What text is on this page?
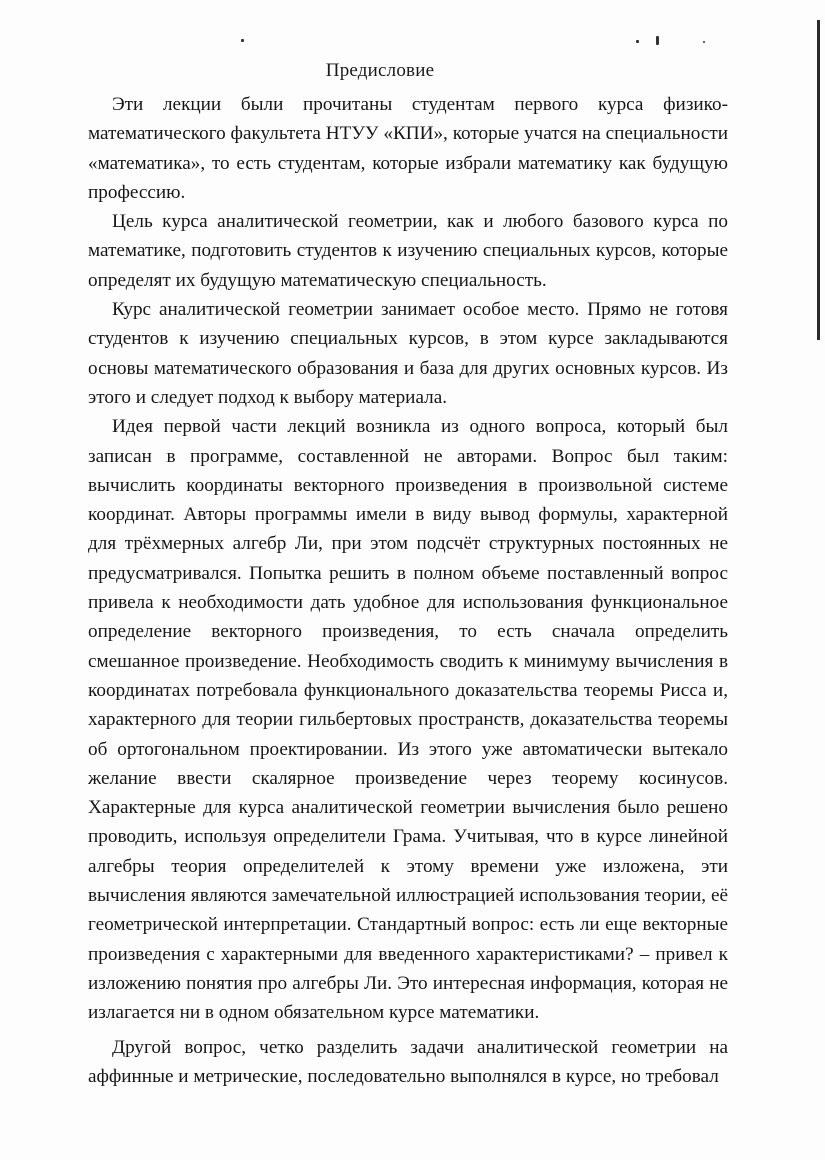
Предисловие

Эти лекции были прочитаны студентам первого курса физико-математического факультета НТУУ «КПИ», которые учатся на специальности «математика», то есть студентам, которые избрали математику как будущую профессию.

Цель курса аналитической геометрии, как и любого базового курса по математике, подготовить студентов к изучению специальных курсов, которые определят их будущую математическую специальность.

Курс аналитической геометрии занимает особое место. Прямо не готовя студентов к изучению специальных курсов, в этом курсе закладываются основы математического образования и база для других основных курсов. Из этого и следует подход к выбору материала.

Идея первой части лекций возникла из одного вопроса, который был записан в программе, составленной не авторами. Вопрос был таким: вычислить координаты векторного произведения в произвольной системе координат. Авторы программы имели в виду вывод формулы, характерной для трёхмерных алгебр Ли, при этом подсчёт структурных постоянных не предусматривался. Попытка решить в полном объеме поставленный вопрос привела к необходимости дать удобное для использования функциональное определение векторного произведения, то есть сначала определить смешанное произведение. Необходимость сводить к минимуму вычисления в координатах потребовала функционального доказательства теоремы Рисса и, характерного для теории гильбертовых пространств, доказательства теоремы об ортогональном проектировании. Из этого уже автоматически вытекало желание ввести скалярное произведение через теорему косинусов. Характерные для курса аналитической геометрии вычисления было решено проводить, используя определители Грама. Учитывая, что в курсе линейной алгебры теория определителей к этому времени уже изложена, эти вычисления являются замечательной иллюстрацией использования теории, её геометрической интерпретации. Стандартный вопрос: есть ли еще векторные произведения с характерными для введенного характеристиками? – привел к изложению понятия про алгебры Ли. Это интересная информация, которая не излагается ни в одном обязательном курсе математики.

Другой вопрос, четко разделить задачи аналитической геометрии на аффинные и метрические, последовательно выполнялся в курсе, но требовал
